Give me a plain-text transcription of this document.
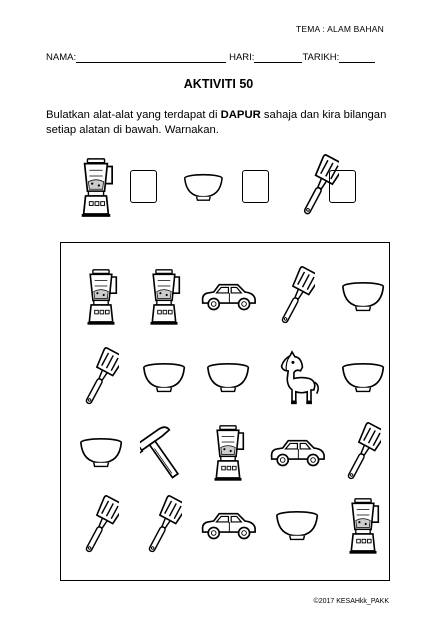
TEMA : ALAM BAHAN
NAMA:	HARI:	TARIKH:
AKTIVITI 50
Bulatkan alat-alat yang terdapat di DAPUR sahaja dan kira bilangan setiap alatan di bawah. Warnakan.
©2017 KESAHkk_PAKK
